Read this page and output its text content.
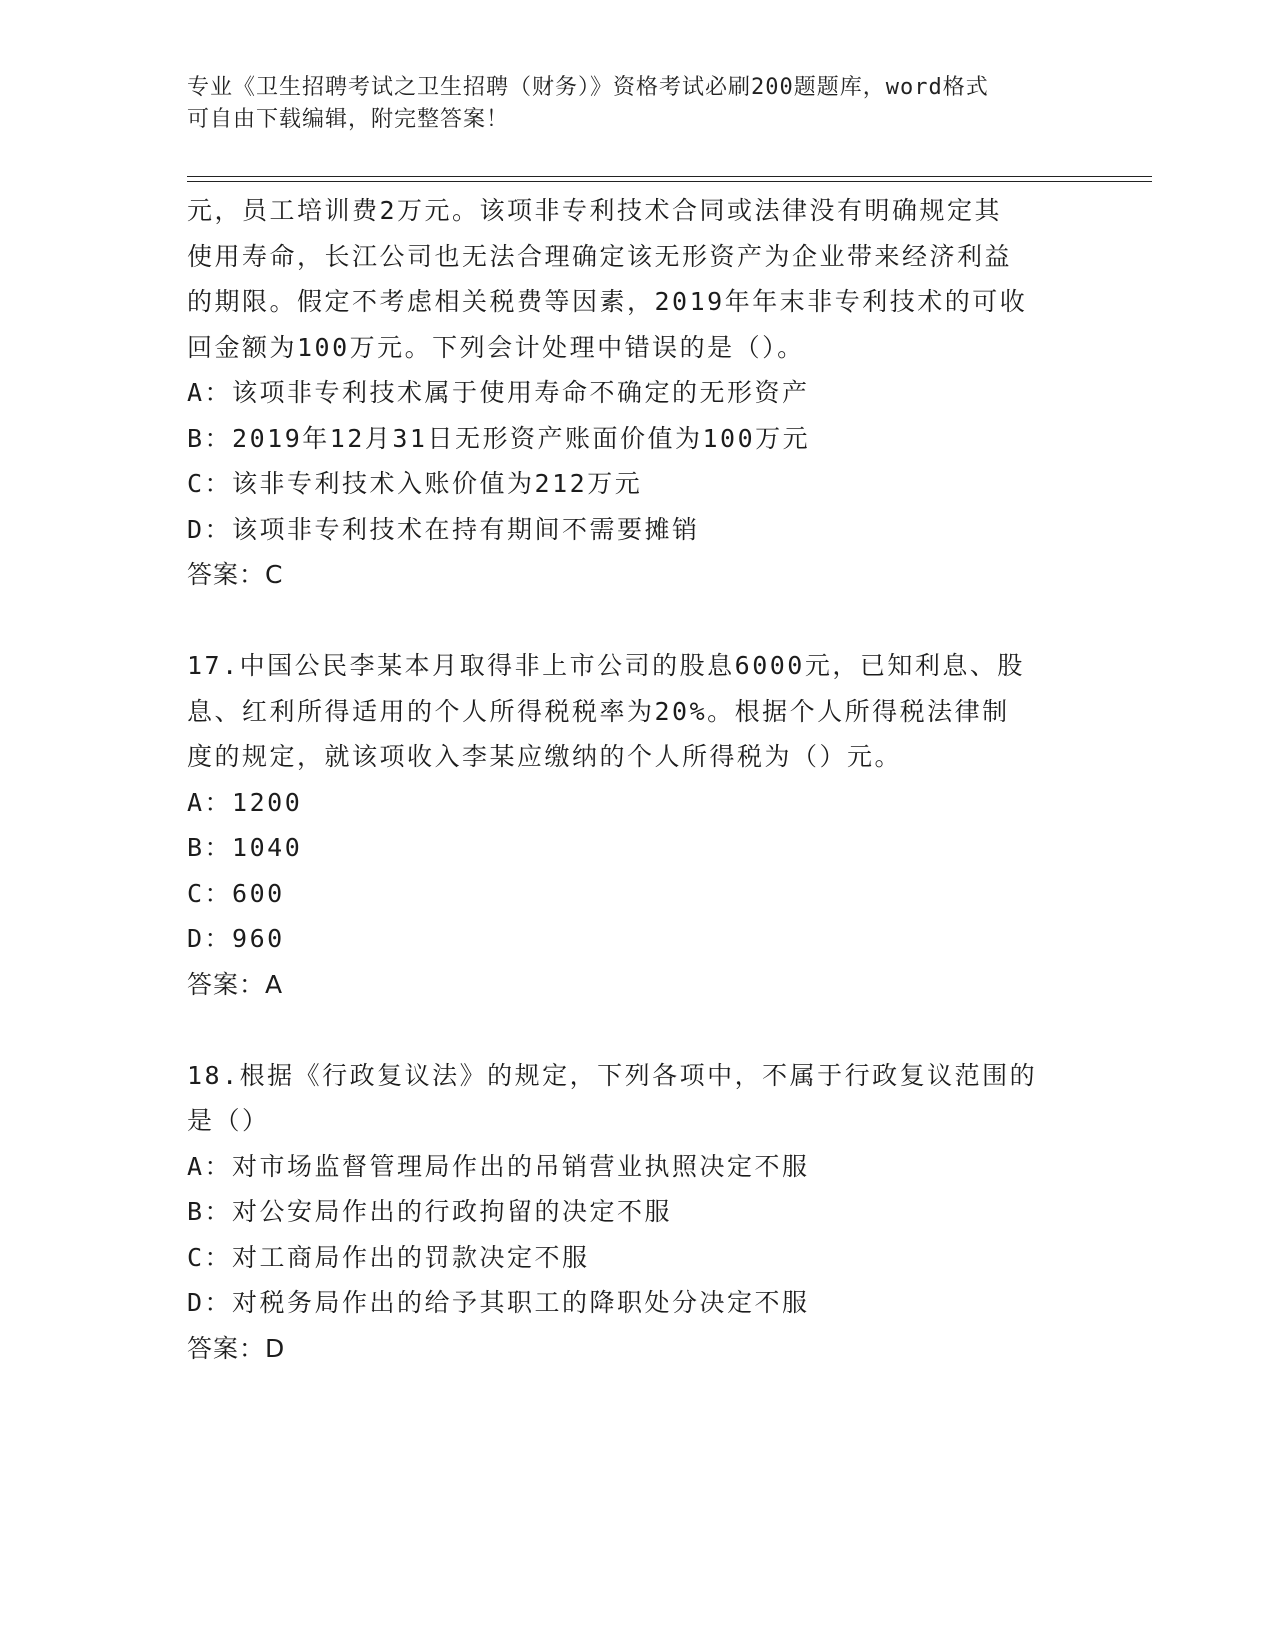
专业《卫生招聘考试之卫生招聘（财务）》资格考试必刷200题题库，word格式
可自由下载编辑，附完整答案！
元，员工培训费2万元。该项非专利技术合同或法律没有明确规定其
使用寿命，长江公司也无法合理确定该无形资产为企业带来经济利益
的期限。假定不考虑相关税费等因素，2019年年末非专利技术的可收
回金额为100万元。下列会计处理中错误的是（）。
A：该项非专利技术属于使用寿命不确定的无形资产
B：2019年12月31日无形资产账面价值为100万元
C：该非专利技术入账价值为212万元
D：该项非专利技术在持有期间不需要摊销
答案：C
17.中国公民李某本月取得非上市公司的股息6000元，已知利息、股
息、红利所得适用的个人所得税税率为20%。根据个人所得税法律制
度的规定，就该项收入李某应缴纳的个人所得税为（）元。
A：1200
B：1040
C：600
D：960
答案：A
18.根据《行政复议法》的规定，下列各项中，不属于行政复议范围的
是（）
A：对市场监督管理局作出的吊销营业执照决定不服
B：对公安局作出的行政拘留的决定不服
C：对工商局作出的罚款决定不服
D：对税务局作出的给予其职工的降职处分决定不服
答案：D
